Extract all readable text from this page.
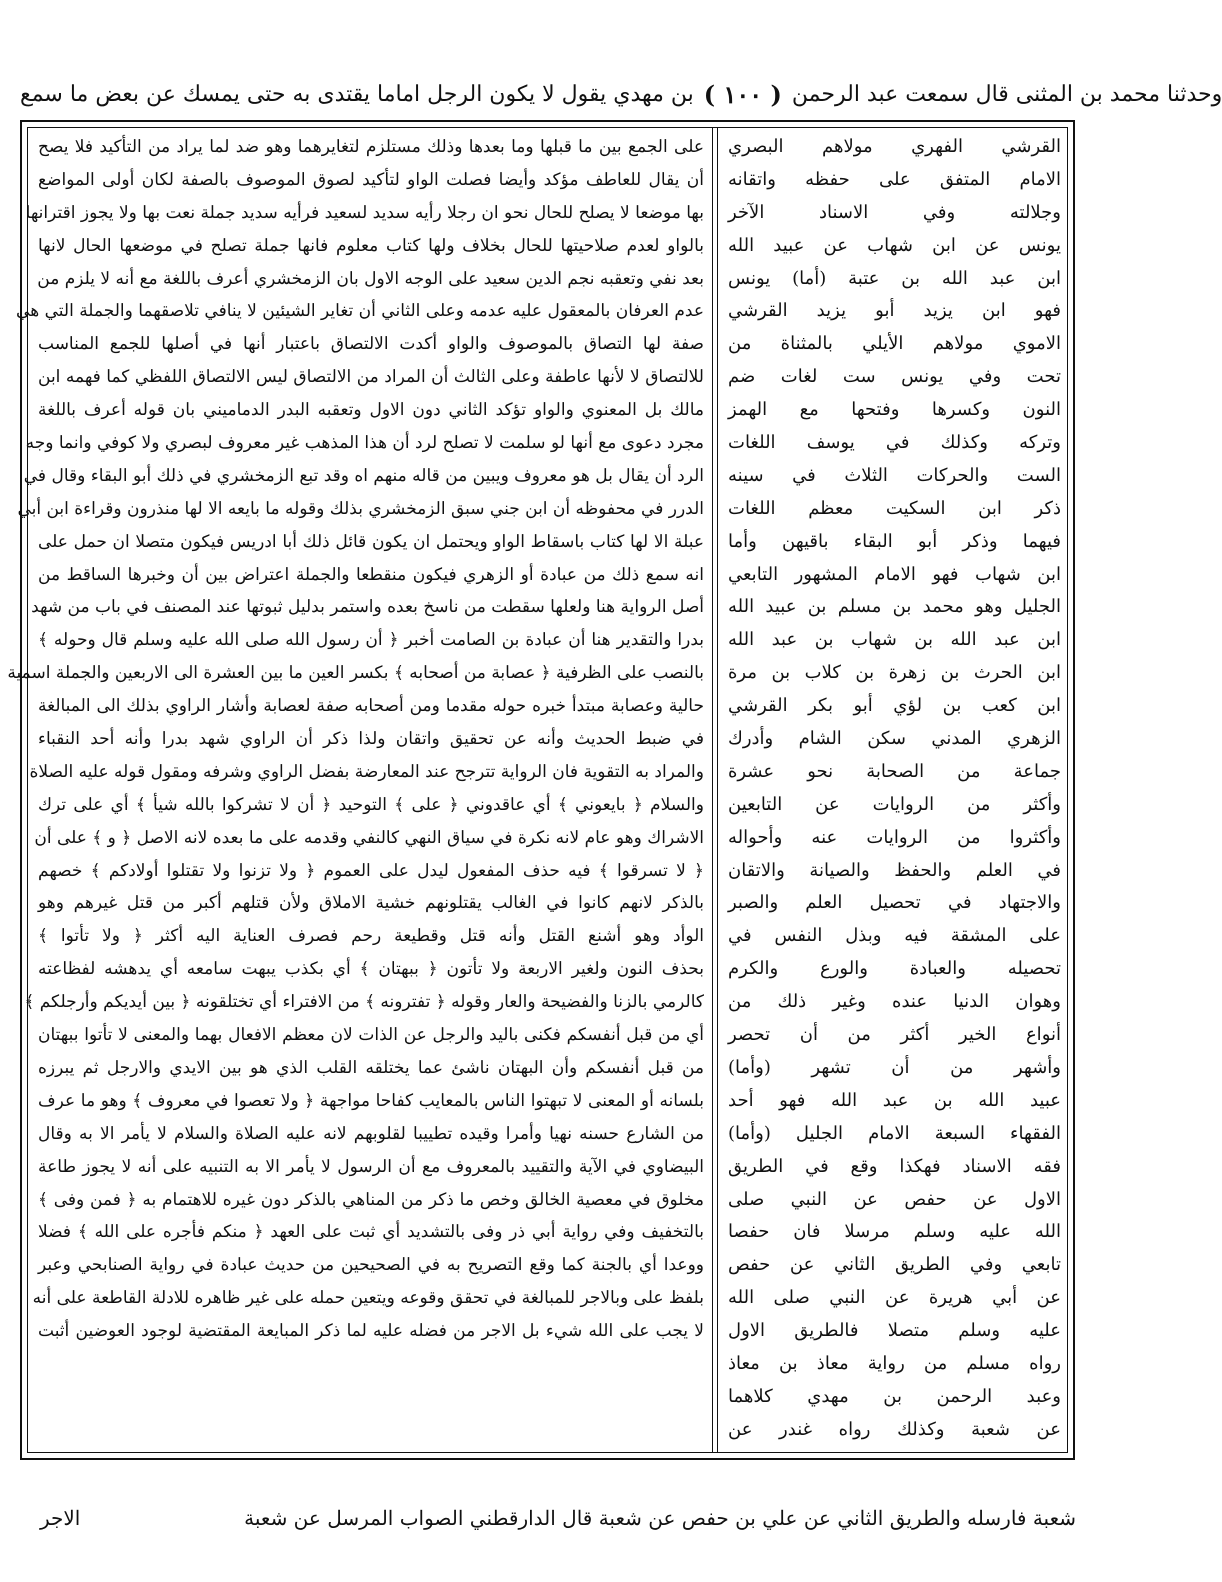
وحدثنا محمد بن المثنى قال سمعت عبد الرحمن
( ١٠٠ )
بن مهدي يقول لا يكون الرجل اماما يقتدى به حتى يمسك عن بعض ما سمع
على الجمع بين ما قبلها وما بعدها وذلك مستلزم لتغايرهما وهو ضد لما يراد من التأكيد فلا يصح
أن يقال للعاطف مؤكد وأيضا فصلت الواو لتأكيد لصوق الموصوف بالصفة لكان أولى المواضع
بها موضعا لا يصلح للحال نحو ان رجلا رأيه سديد لسعيد فرأيه سديد جملة نعت بها ولا يجوز اقترانها
بالواو لعدم صلاحيتها للحال بخلاف ولها كتاب معلوم فانها جملة تصلح في موضعها الحال لانها
بعد نفي وتعقبه نجم الدين سعيد على الوجه الاول بان الزمخشري أعرف باللغة مع أنه لا يلزم من
عدم العرفان بالمعقول عليه عدمه وعلى الثاني أن تغاير الشيئين لا ينافي تلاصقهما والجملة التي هي
صفة لها التصاق بالموصوف والواو أكدت الالتصاق باعتبار أنها في أصلها للجمع المناسب
للالتصاق لا لأنها عاطفة وعلى الثالث أن المراد من الالتصاق ليس الالتصاق اللفظي كما فهمه ابن
مالك بل المعنوي والواو تؤكد الثاني دون الاول وتعقبه البدر الدماميني بان قوله أعرف باللغة
مجرد دعوى مع أنها لو سلمت لا تصلح لرد أن هذا المذهب غير معروف لبصري ولا كوفي وانما وجه
الرد أن يقال بل هو معروف ويبين من قاله منهم اه وقد تبع الزمخشري في ذلك أبو البقاء وقال في
الدرر في محفوظه أن ابن جني سبق الزمخشري بذلك وقوله ما بايعه الا لها منذرون وقراءة ابن أبي
عبلة الا لها كتاب باسقاط الواو ويحتمل ان يكون قائل ذلك أبا ادريس فيكون متصلا ان حمل على
انه سمع ذلك من عبادة أو الزهري فيكون منقطعا والجملة اعتراض بين أن وخبرها الساقط من
أصل الرواية هنا ولعلها سقطت من ناسخ بعده واستمر بدليل ثبوتها عند المصنف في باب من شهد
بدرا والتقدير هنا أن عبادة بن الصامت أخبر ﴿ أن رسول الله صلى الله عليه وسلم قال وحوله ﴾
بالنصب على الظرفية ﴿ عصابة من أصحابه ﴾ بكسر العين ما بين العشرة الى الاربعين والجملة اسمية
حالية وعصابة مبتدأ خبره حوله مقدما ومن أصحابه صفة لعصابة وأشار الراوي بذلك الى المبالغة
في ضبط الحديث وأنه عن تحقيق واتقان ولذا ذكر أن الراوي شهد بدرا وأنه أحد النقباء
والمراد به التقوية فان الرواية تترجح عند المعارضة بفضل الراوي وشرفه ومقول قوله عليه الصلاة
والسلام ﴿ بايعوني ﴾ أي عاقدوني ﴿ على ﴾ التوحيد ﴿ أن لا تشركوا بالله شيأ ﴾ أي على ترك
الاشراك وهو عام لانه نكرة في سياق النهي كالنفي وقدمه على ما بعده لانه الاصل ﴿ و ﴾ على أن
﴿ لا تسرقوا ﴾ فيه حذف المفعول ليدل على العموم ﴿ ولا تزنوا ولا تقتلوا أولادكم ﴾ خصهم
بالذكر لانهم كانوا في الغالب يقتلونهم خشية الاملاق ولأن قتلهم أكبر من قتل غيرهم وهو
الوأد وهو أشنع القتل وأنه قتل وقطيعة رحم فصرف العناية اليه أكثر ﴿ ولا تأتوا ﴾
بحذف النون ولغير الاربعة ولا تأتون ﴿ ببهتان ﴾ أي بكذب يبهت سامعه أي يدهشه لفظاعته
كالرمي بالزنا والفضيحة والعار وقوله ﴿ تفترونه ﴾ من الافتراء أي تختلقونه ﴿ بين أيديكم وأرجلكم ﴾
أي من قبل أنفسكم فكنى باليد والرجل عن الذات لان معظم الافعال بهما والمعنى لا تأتوا ببهتان
من قبل أنفسكم وأن البهتان ناشئ عما يختلقه القلب الذي هو بين الايدي والارجل ثم يبرزه
بلسانه أو المعنى لا تبهتوا الناس بالمعايب كفاحا مواجهة ﴿ ولا تعصوا في معروف ﴾ وهو ما عرف
من الشارع حسنه نهيا وأمرا وقيده تطييبا لقلوبهم لانه عليه الصلاة والسلام لا يأمر الا به وقال
البيضاوي في الآية والتقييد بالمعروف مع أن الرسول لا يأمر الا به التنبيه على أنه لا يجوز طاعة
مخلوق في معصية الخالق وخص ما ذكر من المناهي بالذكر دون غيره للاهتمام به ﴿ فمن وفى ﴾
بالتخفيف وفي رواية أبي ذر وفى بالتشديد أي ثبت على العهد ﴿ منكم فأجره على الله ﴾ فضلا
ووعدا أي بالجنة كما وقع التصريح به في الصحيحين من حديث عبادة في رواية الصنابحي وعبر
بلفظ على وبالاجر للمبالغة في تحقق وقوعه ويتعين حمله على غير ظاهره للادلة القاطعة على أنه
لا يجب على الله شيء بل الاجر من فضله عليه لما ذكر المبايعة المقتضية لوجود العوضين أثبت
القرشي الفهري مولاهم البصري
الامام المتفق على حفظه واتقانه
وجلالته وفي الاسناد الآخر
يونس عن ابن شهاب عن عبيد الله
ابن عبد الله بن عتبة (أما) يونس
فهو ابن يزيد أبو يزيد القرشي
الاموي مولاهم الأيلي بالمثناة من
تحت وفي يونس ست لغات ضم
النون وكسرها وفتحها مع الهمز
وتركه وكذلك في يوسف اللغات
الست والحركات الثلاث في سينه
ذكر ابن السكيت معظم اللغات
فيهما وذكر أبو البقاء باقيهن وأما
ابن شهاب فهو الامام المشهور التابعي
الجليل وهو محمد بن مسلم بن عبيد الله
ابن عبد الله بن شهاب بن عبد الله
ابن الحرث بن زهرة بن كلاب بن مرة
ابن كعب بن لؤي أبو بكر القرشي
الزهري المدني سكن الشام وأدرك
جماعة من الصحابة نحو عشرة
وأكثر من الروايات عن التابعين
وأكثروا من الروايات عنه وأحواله
في العلم والحفظ والصيانة والاتقان
والاجتهاد في تحصيل العلم والصبر
على المشقة فيه وبذل النفس في
تحصيله والعبادة والورع والكرم
وهوان الدنيا عنده وغير ذلك من
أنواع الخير أكثر من أن تحصر
وأشهر من أن تشهر (وأما)
عبيد الله بن عبد الله فهو أحد
الفقهاء السبعة الامام الجليل (وأما)
فقه الاسناد فهكذا وقع في الطريق
الاول عن حفص عن النبي صلى
الله عليه وسلم مرسلا فان حفصا
تابعي وفي الطريق الثاني عن حفص
عن أبي هريرة عن النبي صلى الله
عليه وسلم متصلا فالطريق الاول
رواه مسلم من رواية معاذ بن معاذ
وعبد الرحمن بن مهدي كلاهما
عن شعبة وكذلك رواه غندر عن
شعبة فارسله والطريق الثاني عن علي بن حفص عن شعبة قال الدارقطني الصواب المرسل عن شعبة
الاجر
